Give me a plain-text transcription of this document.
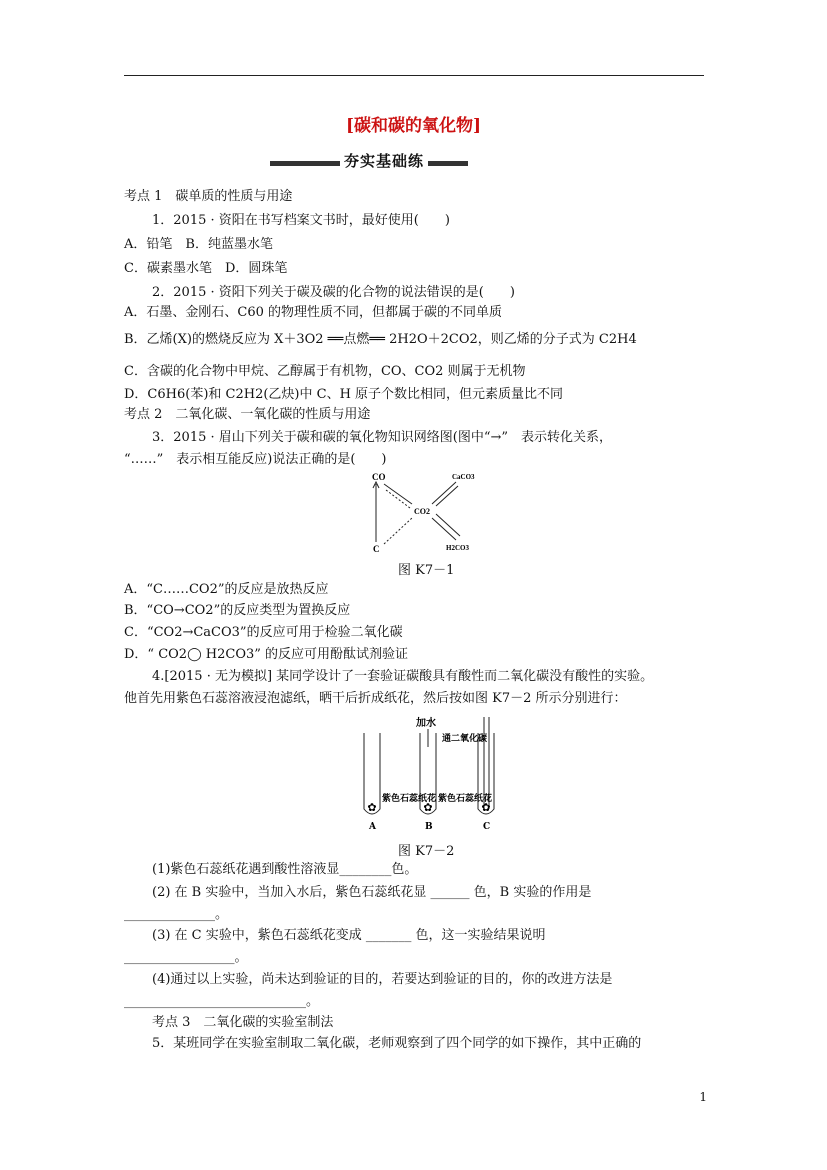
[碳和碳的氧化物]
夯实基础练
考点 1　碳单质的性质与用途
1．2015 · 资阳在书写档案文书时，最好使用(　　)
A．铅笔　B．纯蓝墨水笔
C．碳素墨水笔　D．圆珠笔
2．2015 · 资阳下列关于碳及碳的化合物的说法错误的是(　　)
A．石墨、金刚石、C60 的物理性质不同，但都属于碳的不同单质
B．乙烯(X)的燃烧反应为 X＋3O2 ══点燃══ 2H2O＋2CO2，则乙烯的分子式为 C2H4
C．含碳的化合物中甲烷、乙醇属于有机物，CO、CO2 则属于无机物
D．C6H6(苯)和 C2H2(乙炔)中 C、H 原子个数比相同，但元素质量比不同
考点 2　二氧化碳、一氧化碳的性质与用途
3．2015 · 眉山下列关于碳和碳的氧化物知识网络图(图中“→”　表示转化关系，
“……”　表示相互能反应)说法正确的是(　　)
CO	CaCO3
CO2
C	H2CO3
图 K7－1
A．“C……CO2”的反应是放热反应
B．“CO→CO2”的反应类型为置换反应
C．“CO2→CaCO3”的反应可用于检验二氧化碳
D．“ CO2◯ H2CO3” 的反应可用酚酞试剂验证
4.[2015 · 无为模拟] 某同学设计了一套验证碳酸具有酸性而二氧化碳没有酸性的实验。
他首先用紫色石蕊溶液浸泡滤纸，晒干后折成纸花，然后按如图 K7－2 所示分别进行：
✿	✿	✿
加水
通二氧化碳
紫色石蕊纸花 紫色石蕊纸花
A	B	C
图 K7－2
(1)紫色石蕊纸花遇到酸性溶液显________色。
(2) 在 B 实验中，当加入水后，紫色石蕊纸花显 ______ 色，B 实验的作用是
______________。
(3) 在 C 实验中，紫色石蕊纸花变成 _______ 色，这一实验结果说明
_________________。
(4)通过以上实验，尚未达到验证的目的，若要达到验证的目的，你的改进方法是
____________________________。
考点 3　二氧化碳的实验室制法
5．某班同学在实验室制取二氧化碳，老师观察到了四个同学的如下操作，其中正确的
1
